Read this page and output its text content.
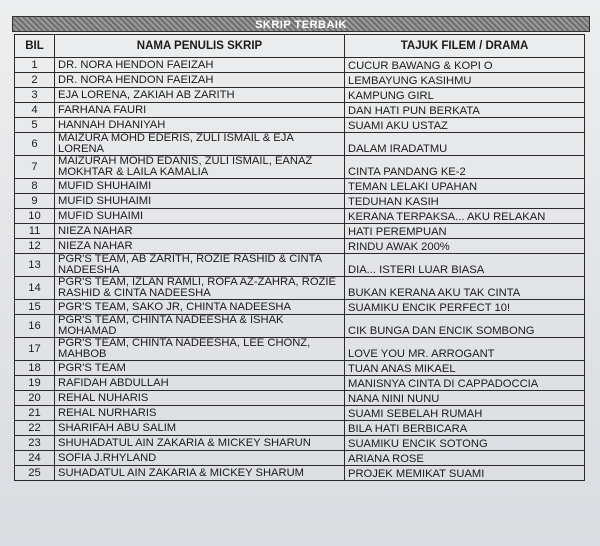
SKRIP TERBAIK
BIL	NAMA PENULIS SKRIP	TAJUK FILEM / DRAMA
1	DR. NORA HENDON FAEIZAH	CUCUR BAWANG & KOPI O
2	DR. NORA HENDON FAEIZAH	LEMBAYUNG KASIHMU
3	EJA LORENA, ZAKIAH AB ZARITH	KAMPUNG GIRL
4	FARHANA FAURI	DAN HATI PUN BERKATA
5	HANNAH DHANIYAH	SUAMI AKU USTAZ
6	MAIZURA MOHD EDERIS, ZULI ISMAIL & EJA LORENA	DALAM IRADATMU
7	MAIZURAH MOHD EDANIS, ZULI ISMAIL, EANAZ MOKHTAR & LAILA KAMALIA	CINTA PANDANG KE-2
8	MUFID SHUHAIMI	TEMAN LELAKI UPAHAN
9	MUFID SHUHAIMI	TEDUHAN KASIH
10	MUFID SUHAIMI	KERANA TERPAKSA... AKU RELAKAN
11	NIEZA NAHAR	HATI PEREMPUAN
12	NIEZA NAHAR	RINDU AWAK 200%
13	PGR'S TEAM, AB ZARITH, ROZIE RASHID & CINTA NADEESHA	DIA... ISTERI LUAR BIASA
14	PGR'S TEAM, IZLAN RAMLI, ROFA AZ-ZAHRA, ROZIE RASHID & CINTA NADEESHA	BUKAN KERANA AKU TAK CINTA
15	PGR'S TEAM, SAKO JR, CHINTA NADEESHA	SUAMIKU ENCIK PERFECT 10!
16	PGR'S TEAM, CHINTA NADEESHA & ISHAK MOHAMAD	CIK BUNGA DAN ENCIK SOMBONG
17	PGR'S TEAM, CHINTA NADEESHA, LEE CHONZ, MAHBOB	LOVE YOU MR. ARROGANT
18	PGR'S TEAM	TUAN ANAS MIKAEL
19	RAFIDAH ABDULLAH	MANISNYA CINTA DI CAPPADOCCIA
20	REHAL NUHARIS	NANA NINI NUNU
21	REHAL NURHARIS	SUAMI SEBELAH RUMAH
22	SHARIFAH ABU SALIM	BILA HATI BERBICARA
23	SHUHADATUL AIN ZAKARIA & MICKEY SHARUN	SUAMIKU ENCIK SOTONG
24	SOFIA J.RHYLAND	ARIANA ROSE
25	SUHADATUL AIN ZAKARIA & MICKEY SHARUM	PROJEK MEMIKAT SUAMI
